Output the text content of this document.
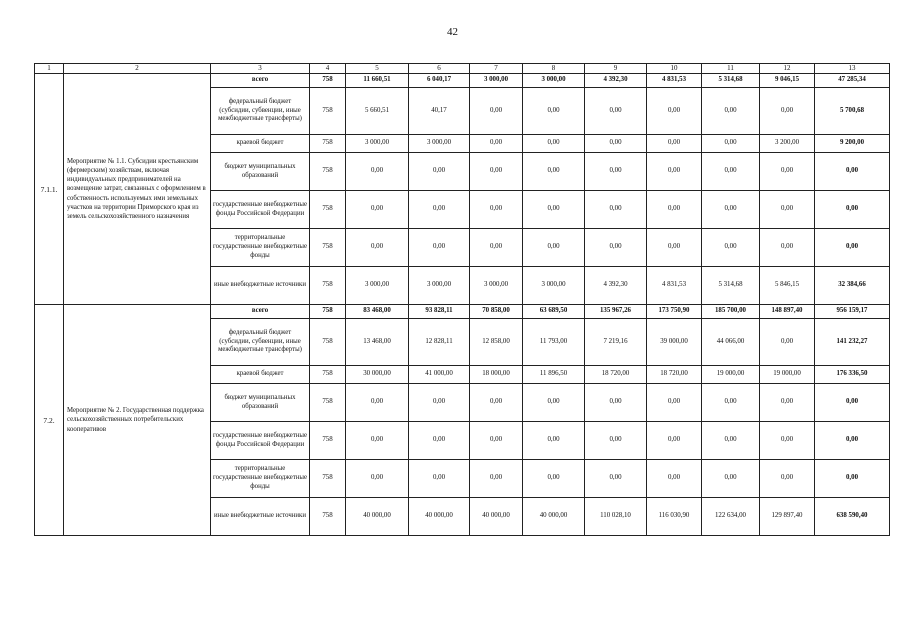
42
1	2	3	4	5	6	7	8	9	10	11	12	13
7.1.1.	Мероприятие № 1.1. Субсидии крестьянским (фермерским) хозяйствам, включая индивидуальных предпринимателей на возмещение затрат, связанных с оформлением в собственность используемых ими земельных участков на территории Приморского края из земель сельскохозяйственного назначения	всего	758	11 660,51	6 040,17	3 000,00	3 000,00	4 392,30	4 831,53	5 314,68	9 046,15	47 285,34
		федеральный бюджет (субсидии, субвенции, иные межбюджетные трансферты)	758	5 660,51	40,17	0,00	0,00	0,00	0,00	0,00	0,00	5 700,68
		краевой бюджет	758	3 000,00	3 000,00	0,00	0,00	0,00	0,00	0,00	3 200,00	9 200,00
		бюджет муниципальных образований	758	0,00	0,00	0,00	0,00	0,00	0,00	0,00	0,00	0,00
		государственные внебюджетные фонды Российской Федерации	758	0,00	0,00	0,00	0,00	0,00	0,00	0,00	0,00	0,00
		территориальные государственные внебюджетные фонды	758	0,00	0,00	0,00	0,00	0,00	0,00	0,00	0,00	0,00
		иные внебюджетные источники	758	3 000,00	3 000,00	3 000,00	3 000,00	4 392,30	4 831,53	5 314,68	5 846,15	32 384,66
7.2.	Мероприятие № 2. Государственная поддержка сельскохозяйственных потребительских кооперативов	всего	758	83 468,00	93 828,11	70 858,00	63 689,50	135 967,26	173 750,90	185 700,00	148 897,40	956 159,17
		федеральный бюджет (субсидии, субвенции, иные межбюджетные трансферты)	758	13 468,00	12 828,11	12 858,00	11 793,00	7 219,16	39 000,00	44 066,00	0,00	141 232,27
		краевой бюджет	758	30 000,00	41 000,00	18 000,00	11 896,50	18 720,00	18 720,00	19 000,00	19 000,00	176 336,50
		бюджет муниципальных образований	758	0,00	0,00	0,00	0,00	0,00	0,00	0,00	0,00	0,00
		государственные внебюджетные фонды Российской Федерации	758	0,00	0,00	0,00	0,00	0,00	0,00	0,00	0,00	0,00
		территориальные государственные внебюджетные фонды	758	0,00	0,00	0,00	0,00	0,00	0,00	0,00	0,00	0,00
		иные внебюджетные источники	758	40 000,00	40 000,00	40 000,00	40 000,00	110 028,10	116 030,90	122 634,00	129 897,40	638 590,40
